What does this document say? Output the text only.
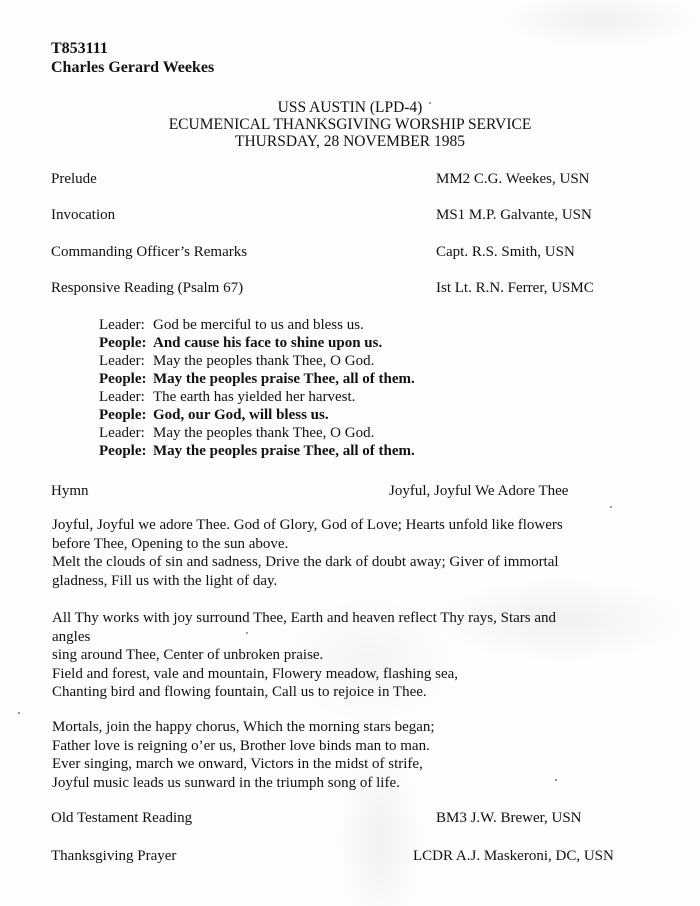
T853111
Charles Gerard Weekes
USS AUSTIN (LPD-4)
ECUMENICAL THANKSGIVING WORSHIP SERVICE
THURSDAY, 28 NOVEMBER 1985
Prelude	MM2 C.G. Weekes, USN
Invocation	MS1 M.P. Galvante, USN
Commanding Officer’s Remarks	Capt. R.S. Smith, USN
Responsive Reading (Psalm 67)	Ist Lt. R.N. Ferrer, USMC
Leader: God be merciful to us and bless us.
People: And cause his face to shine upon us.
Leader: May the peoples thank Thee, O God.
People: May the peoples praise Thee, all of them.
Leader: The earth has yielded her harvest.
People: God, our God, will bless us.
Leader: May the peoples thank Thee, O God.
People: May the peoples praise Thee, all of them.
Hymn	Joyful, Joyful We Adore Thee
Joyful, Joyful we adore Thee. God of Glory, God of Love; Hearts unfold like flowers
before Thee, Opening to the sun above.
Melt the clouds of sin and sadness, Drive the dark of doubt away; Giver of immortal
gladness, Fill us with the light of day.
All Thy works with joy surround Thee, Earth and heaven reflect Thy rays, Stars and
angles
sing around Thee, Center of unbroken praise.
Field and forest, vale and mountain, Flowery meadow, flashing sea,
Chanting bird and flowing fountain, Call us to rejoice in Thee.
Mortals, join the happy chorus, Which the morning stars began;
Father love is reigning o’er us, Brother love binds man to man.
Ever singing, march we onward, Victors in the midst of strife,
Joyful music leads us sunward in the triumph song of life.
Old Testament Reading	BM3 J.W. Brewer, USN
Thanksgiving Prayer	LCDR A.J. Maskeroni, DC, USN
